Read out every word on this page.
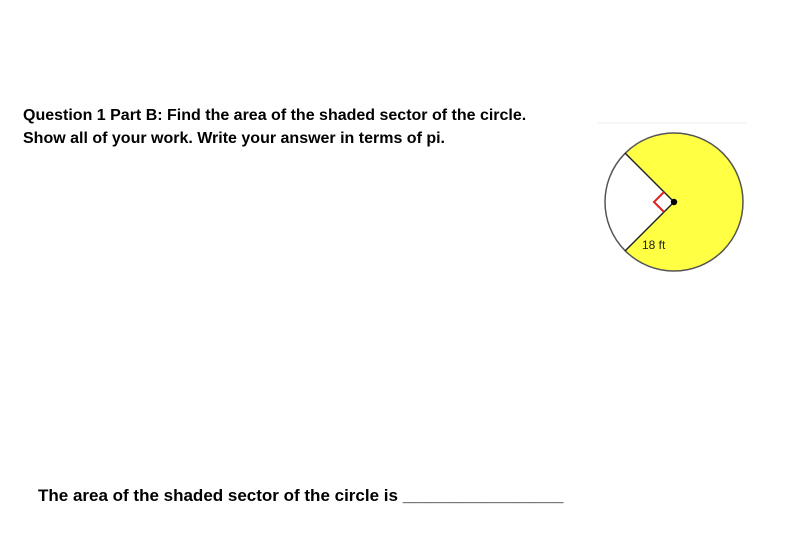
Question 1 Part B: Find the area of the shaded sector of the circle.
Show all of your work. Write your answer in terms of pi.
18 ft
The area of the shaded sector of the circle is _________________
